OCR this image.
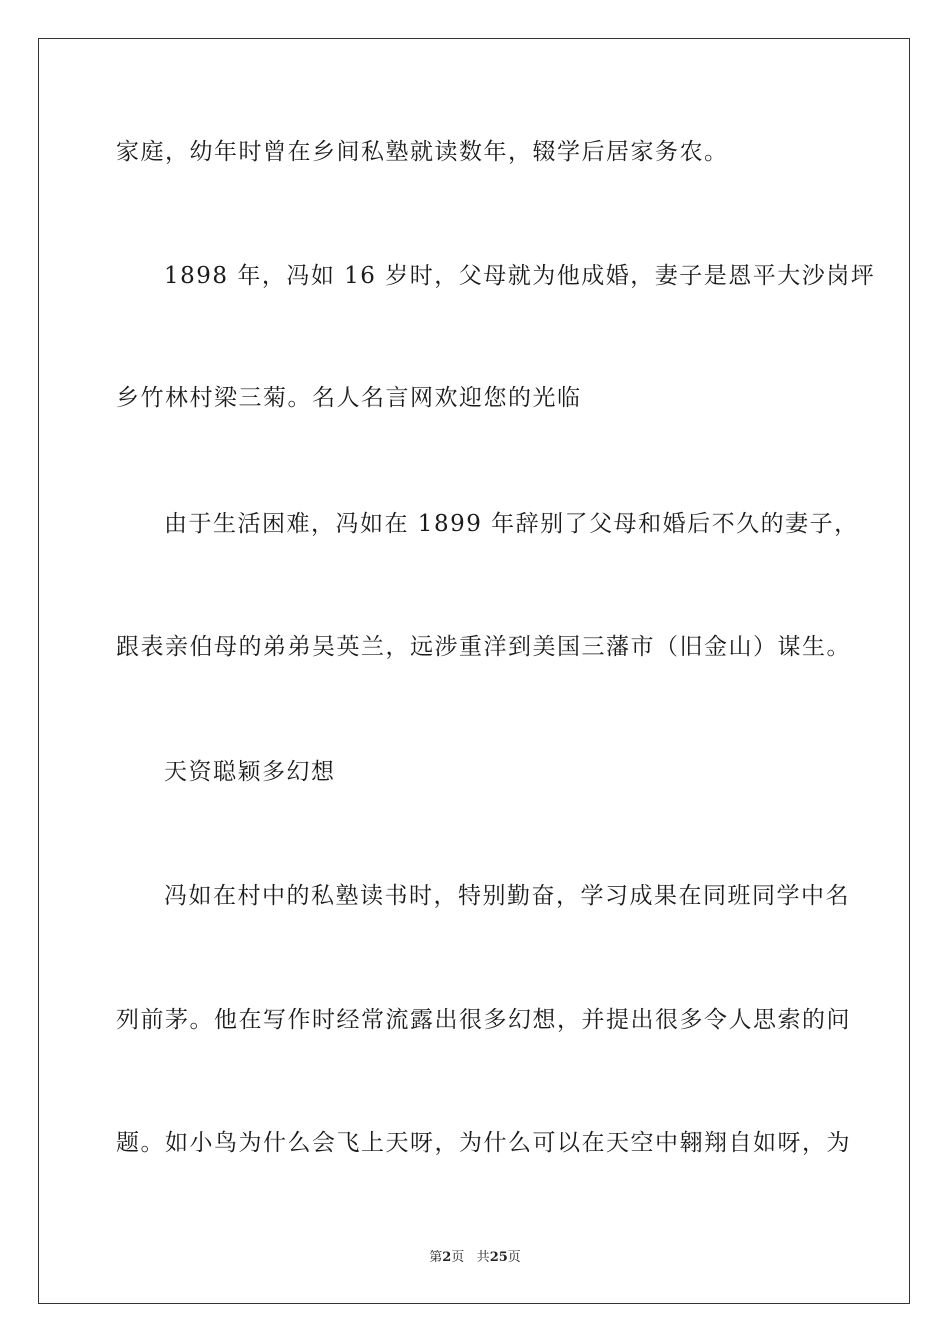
家庭，幼年时曾在乡间私塾就读数年，辍学后居家务农。
1898 年，冯如 16 岁时，父母就为他成婚，妻子是恩平大沙岗坪
乡竹林村梁三菊。名人名言网欢迎您的光临
由于生活困难，冯如在 1899 年辞别了父母和婚后不久的妻子，
跟表亲伯母的弟弟吴英兰，远涉重洋到美国三藩市（旧金山）谋生。
天资聪颖多幻想
冯如在村中的私塾读书时，特别勤奋，学习成果在同班同学中名
列前茅。他在写作时经常流露出很多幻想，并提出很多令人思索的问
题。如小鸟为什么会飞上天呀，为什么可以在天空中翱翔自如呀，为
第2页 共25页
